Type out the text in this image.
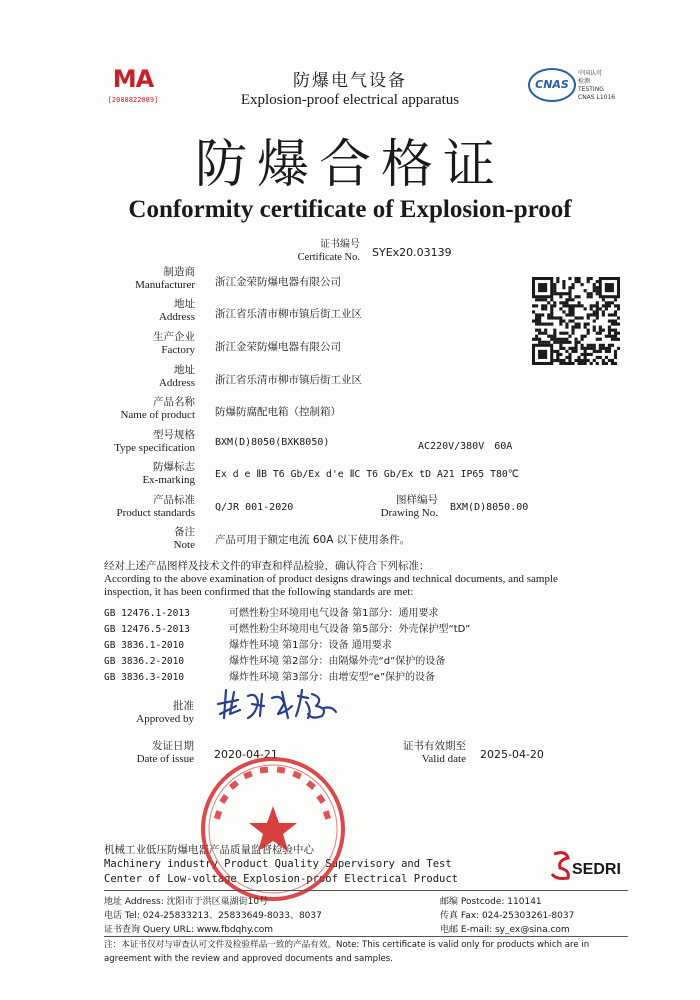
MA
[2008822089]
防爆电气设备
Explosion-proof electrical apparatus
CNAS
中国认可
检测
TESTING
CNAS L1016
防爆合格证
Conformity certificate of Explosion-proof
证书编号
Certificate No. SYEx20.03139
制造商
Manufacturer 浙江金荣防爆电器有限公司
地址
Address 浙江省乐清市柳市镇后街工业区
生产企业
Factory 浙江金荣防爆电器有限公司
地址
Address 浙江省乐清市柳市镇后街工业区
产品名称
Name of product 防爆防腐配电箱（控制箱）
型号规格
Type specification BXM(D)8050(BXK8050)	AC220V/380V　60A
防爆标志
Ex-marking Ex d e ⅡB T6 Gb/Ex d'e ⅡC T6 Gb/Ex tD A21 IP65 T80℃
产品标准
Product standards Q/JR 001-2020
图样编号
Drawing No. BXM(D)8050.00
备注
Note 产品可用于额定电流 60A 以下使用条件。
经对上述产品图样及技术文件的审查和样品检验，确认符合下列标准：
According to the above examination of product designs drawings and technical documents, and sample
inspection, it has been confirmed that the following standards are met:
GB 12476.1-2013	可燃性粉尘环境用电气设备 第1部分：通用要求
GB 12476.5-2013	可燃性粉尘环境用电气设备 第5部分：外壳保护型“tD”
GB 3836.1-2010	爆炸性环境 第1部分：设备 通用要求
GB 3836.2-2010	爆炸性环境 第2部分：由隔爆外壳“d”保护的设备
GB 3836.3-2010	爆炸性环境 第3部分：由增安型“e”保护的设备
批准
Approved by
发证日期
Date of issue 2020-04-21
证书有效期至
Valid date 2025-04-20
机械工业低压防爆电器产品质量监督检验中心
Machinery industry Product Quality Supervisory and Test
Center of Low-voltage Explosion-proof Electrical Product
SEDRI
地址 Address: 沈阳市于洪区巢湖街10号	邮编 Postcode: 110141
电话 Tel: 024-25833213、25833649-8033、8037	传真 Fax: 024-25303261-8037
证书查询 Query URL: www.fbdqhy.com	电邮 E-mail: sy_ex@sina.com
注：本证书仅对与审查认可文件及检验样品一致的产品有效。Note: This certificate is valid only for products which are in
agreement with the review and approved documents and samples.
